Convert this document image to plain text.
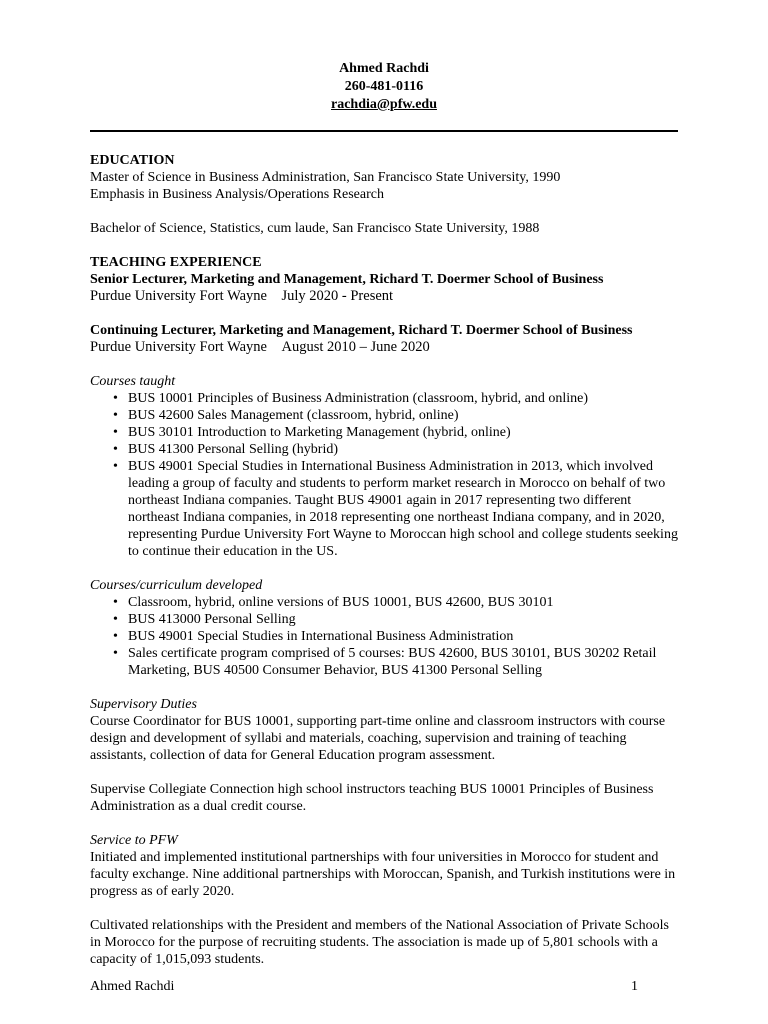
Ahmed Rachdi
260-481-0116
rachdia@pfw.edu

EDUCATION

Master of Science in Business Administration, San Francisco State University, 1990

Emphasis in Business Analysis/Operations Research

Bachelor of Science, Statistics, cum laude, San Francisco State University, 1988

TEACHING EXPERIENCE

Senior Lecturer, Marketing and Management, Richard T. Doermer School of Business

Purdue University Fort Wayne July 2020 - Present

Continuing Lecturer, Marketing and Management, Richard T. Doermer School of Business

Purdue University Fort Wayne August 2010 – June 2020

Courses taught

• BUS 10001 Principles of Business Administration (classroom, hybrid, and online)
• BUS 42600 Sales Management (classroom, hybrid, online)
• BUS 30101 Introduction to Marketing Management (hybrid, online)
• BUS 41300 Personal Selling (hybrid)
• BUS 49001 Special Studies in International Business Administration in 2013, which involved leading a group of faculty and students to perform market research in Morocco on behalf of two northeast Indiana companies. Taught BUS 49001 again in 2017 representing two different northeast Indiana companies, in 2018 representing one northeast Indiana company, and in 2020, representing Purdue University Fort Wayne to Moroccan high school and college students seeking to continue their education in the US.

Courses/curriculum developed

• Classroom, hybrid, online versions of BUS 10001, BUS 42600, BUS 30101
• BUS 413000 Personal Selling
• BUS 49001 Special Studies in International Business Administration
• Sales certificate program comprised of 5 courses: BUS 42600, BUS 30101, BUS 30202 Retail Marketing, BUS 40500 Consumer Behavior, BUS 41300 Personal Selling

Supervisory Duties

Course Coordinator for BUS 10001, supporting part-time online and classroom instructors with course design and development of syllabi and materials, coaching, supervision and training of teaching assistants, collection of data for General Education program assessment.

Supervise Collegiate Connection high school instructors teaching BUS 10001 Principles of Business Administration as a dual credit course.

Service to PFW

Initiated and implemented institutional partnerships with four universities in Morocco for student and faculty exchange. Nine additional partnerships with Moroccan, Spanish, and Turkish institutions were in progress as of early 2020.

Cultivated relationships with the President and members of the National Association of Private Schools in Morocco for the purpose of recruiting students. The association is made up of 5,801 schools with a capacity of 1,015,093 students.

Ahmed Rachdi	1
